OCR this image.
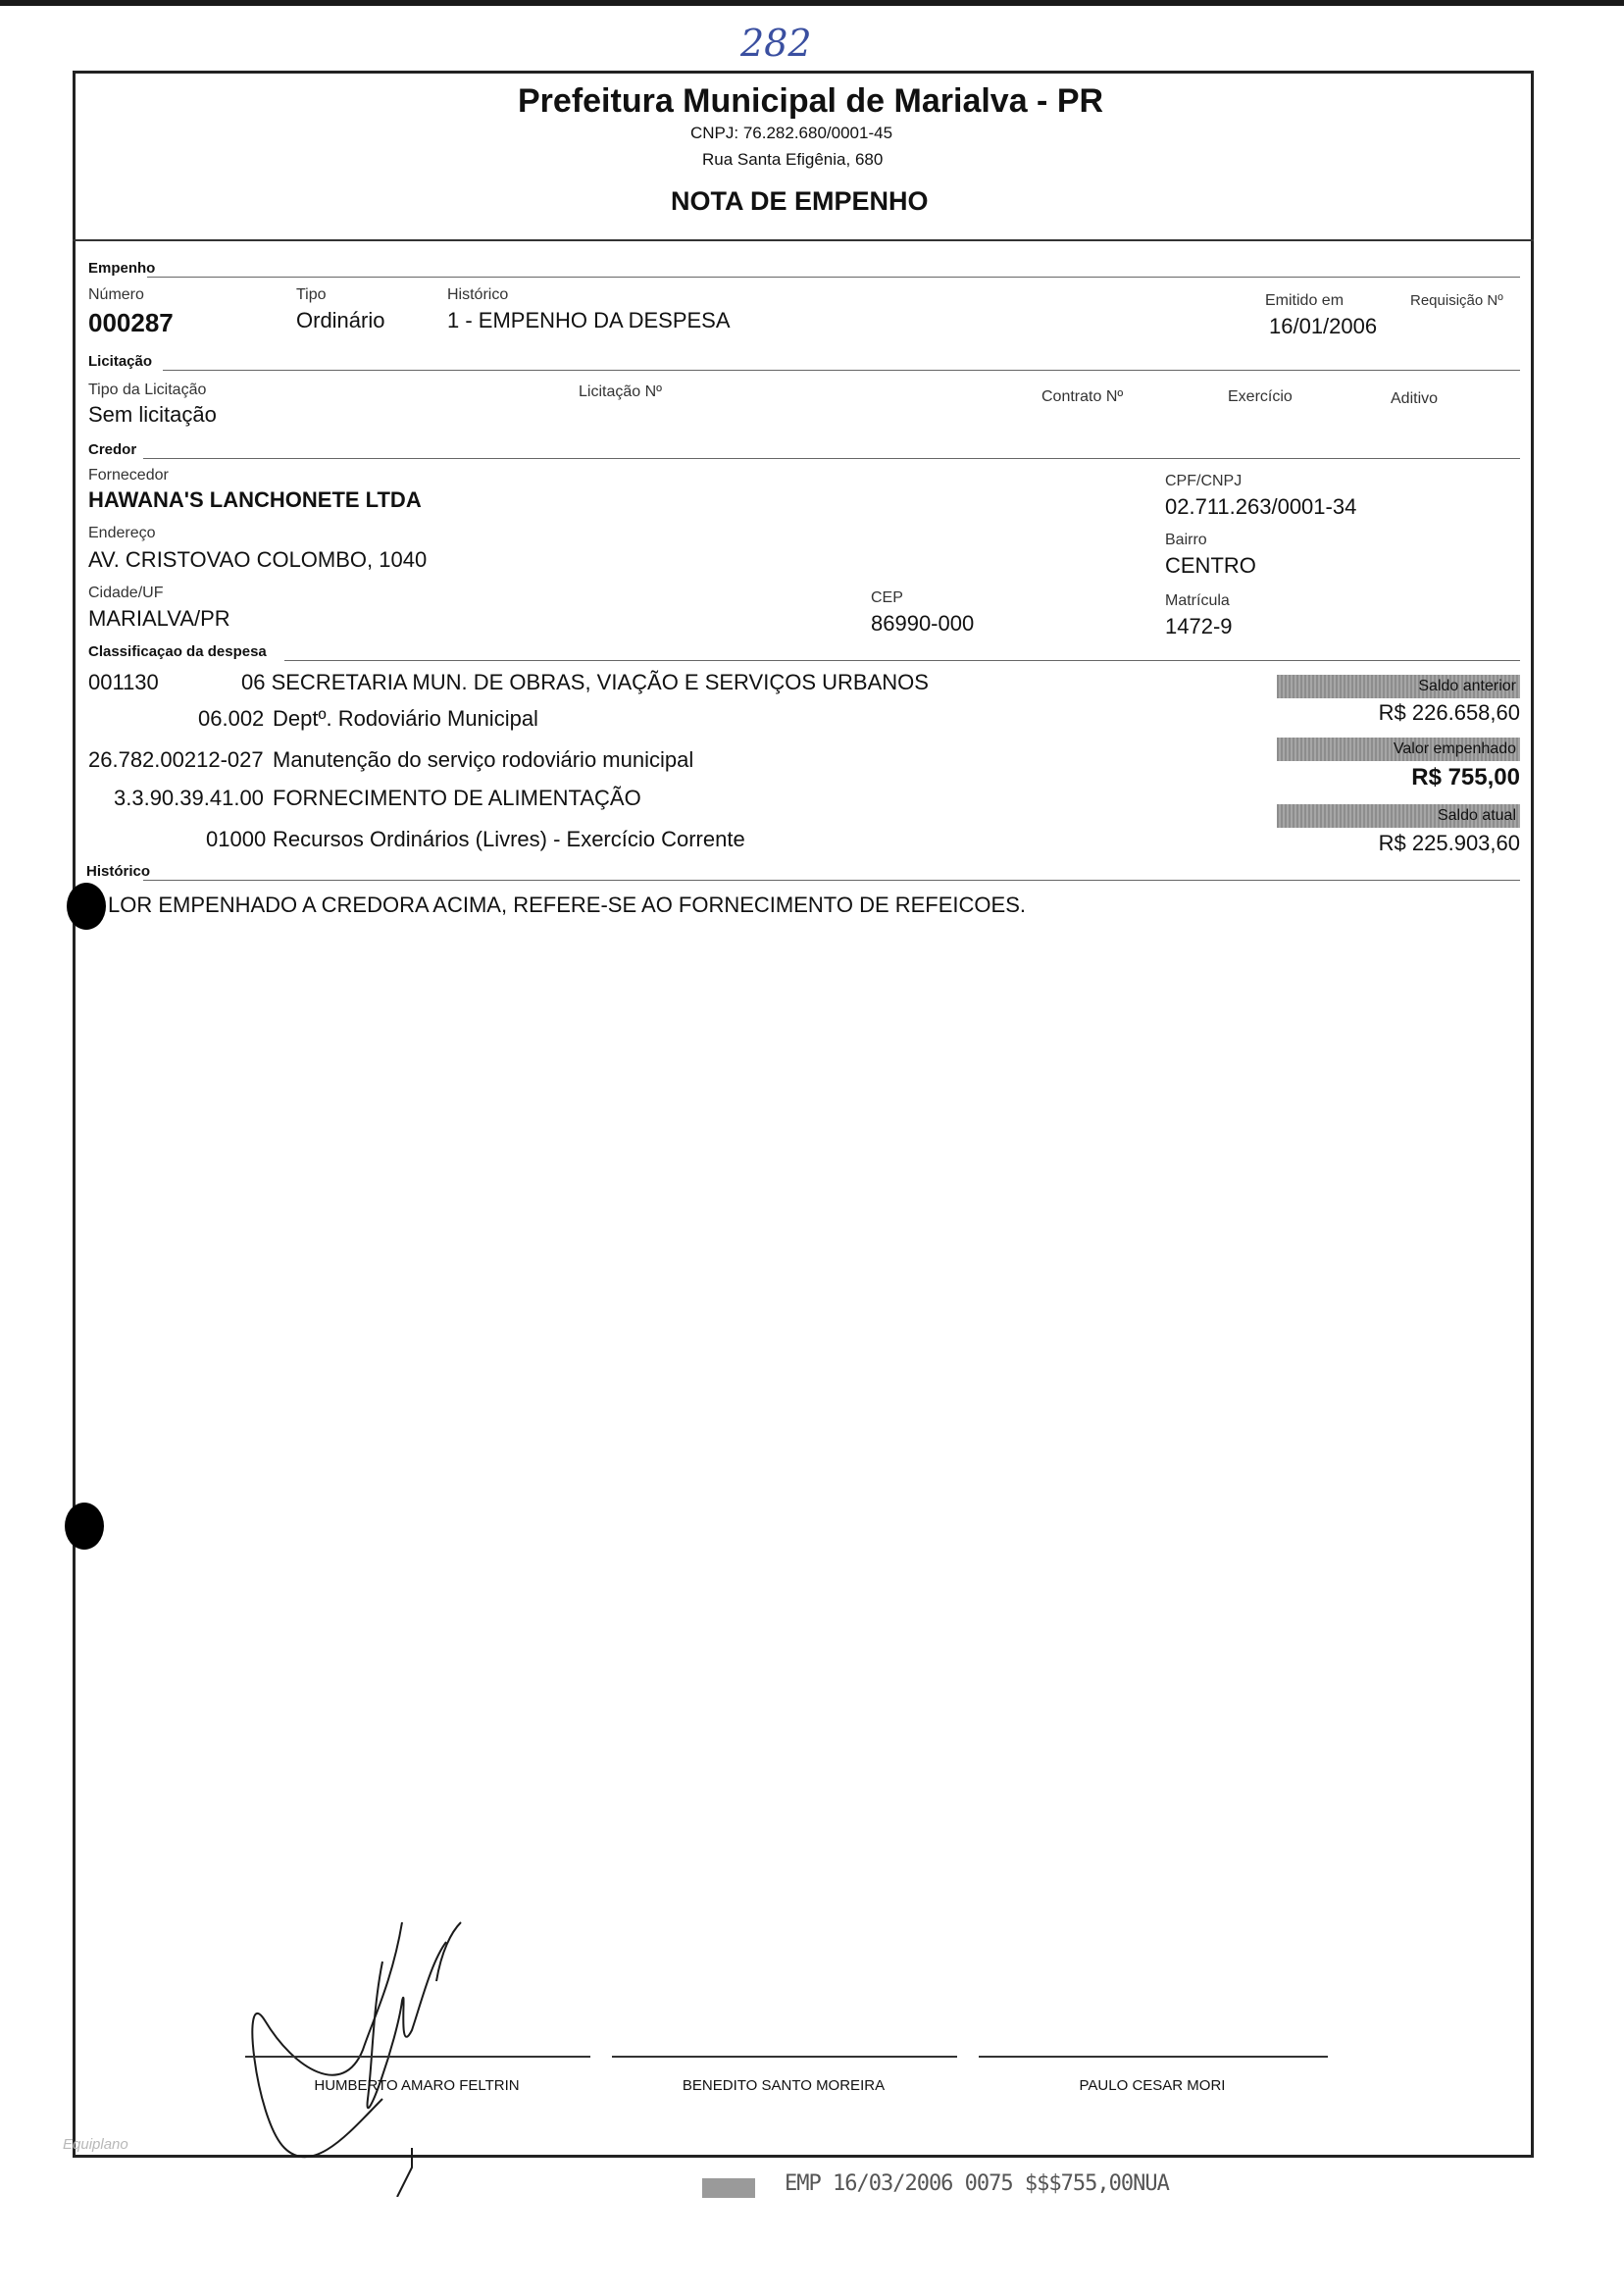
282
Prefeitura Municipal de Marialva - PR
CNPJ: 76.282.680/0001-45
Rua Santa Efigênia, 680
NOTA DE EMPENHO
Empenho
Número
000287
Tipo
Ordinário
Histórico
1 - EMPENHO DA DESPESA
Emitido em
16/01/2006
Requisição Nº
Licitação
Tipo da Licitação
Sem licitação
Licitação Nº	Contrato Nº	Exercício	Aditivo
Credor
Fornecedor
HAWANA'S LANCHONETE LTDA
CPF/CNPJ
02.711.263/0001-34
Endereço
AV. CRISTOVAO COLOMBO, 1040
Bairro
CENTRO
Cidade/UF
MARIALVA/PR
CEP
86990-000
Matrícula
1472-9
Classificaçao da despesa
001130	06 SECRETARIA MUN. DE OBRAS, VIAÇÃO E SERVIÇOS URBANOS
06.002 Deptº. Rodoviário Municipal
26.782.00212-027 Manutenção do serviço rodoviário municipal
3.3.90.39.41.00 FORNECIMENTO DE ALIMENTAÇÃO
01000 Recursos Ordinários (Livres) - Exercício Corrente
Saldo anterior
R$ 226.658,60
Valor empenhado
R$ 755,00
Saldo atual
R$ 225.903,60
Histórico
LOR EMPENHADO A CREDORA ACIMA, REFERE-SE AO FORNECIMENTO DE REFEICOES.
HUMBERTO AMARO FELTRIN	BENEDITO SANTO MOREIRA	PAULO CESAR MORI
Equiplano
EMP 16/03/2006 0075 $$$755,00NUA
